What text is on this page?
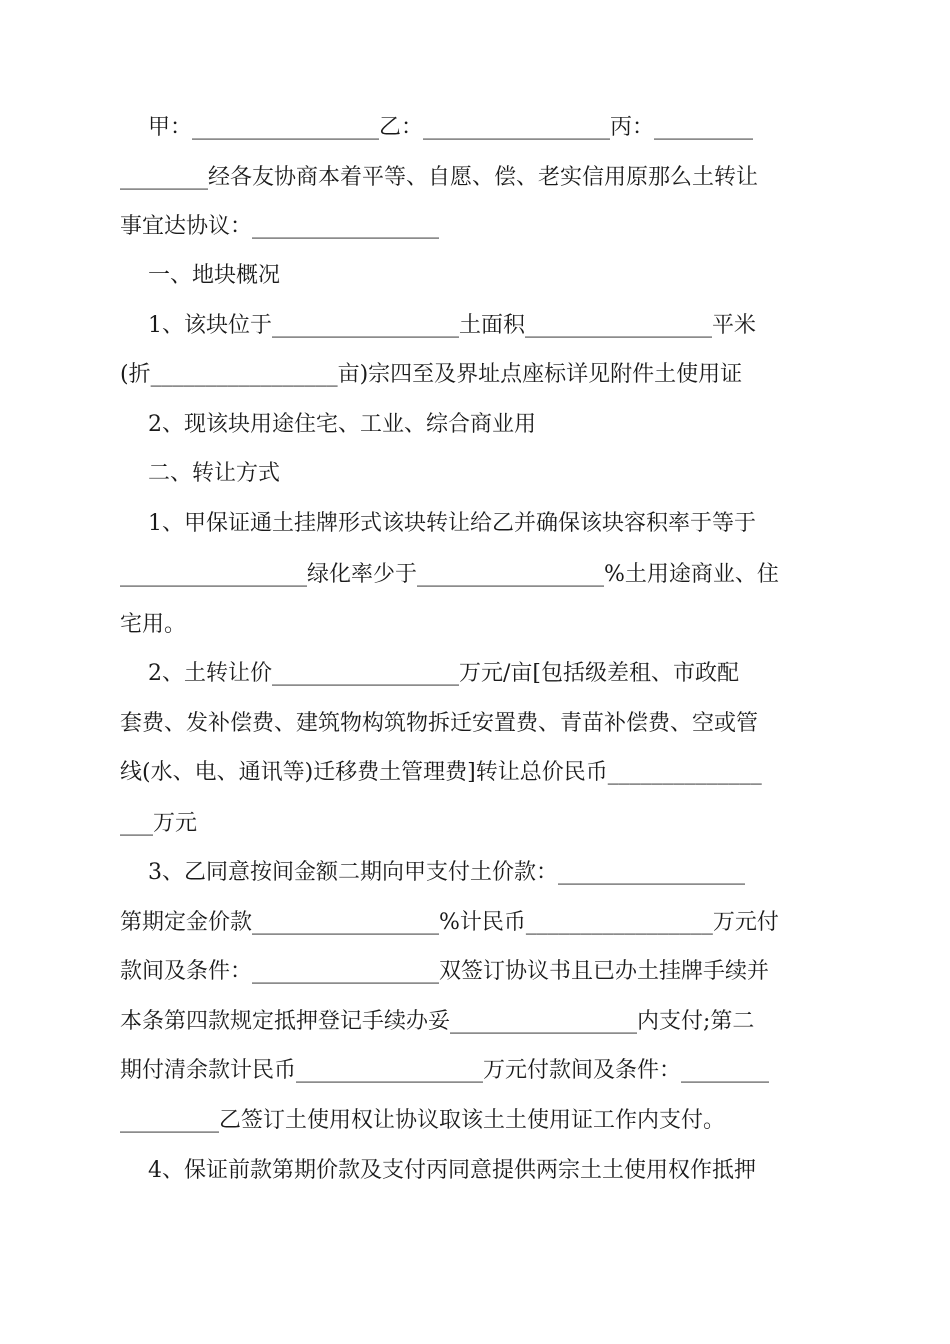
甲：_________________乙：_________________丙：_________
________经各友协商本着平等、自愿、偿、老实信用原那么土转让
事宜达协议：_________________
一、地块概况
1、该块位于_________________土面积_________________平米
(折_________________亩)宗四至及界址点座标详见附件土使用证
2、现该块用途住宅、工业、综合商业用
二、转让方式
1、甲保证通土挂牌形式该块转让给乙并确保该块容积率于等于
_________________绿化率少于_________________%土用途商业、住
宅用。
2、土转让价_________________万元/亩[包括级差租、市政配
套费、发补偿费、建筑物构筑物拆迁安置费、青苗补偿费、空或管
线(水、电、通讯等)迁移费土管理费]转让总价民币______________
___万元
3、乙同意按间金额二期向甲支付土价款：_________________
第期定金价款_________________%计民币_________________万元付
款间及条件：_________________双签订协议书且已办土挂牌手续并
本条第四款规定抵押登记手续办妥_________________内支付;第二
期付清余款计民币_________________万元付款间及条件：________
_________乙签订土使用权让协议取该土土使用证工作内支付。
4、保证前款第期价款及支付丙同意提供两宗土土使用权作抵押
